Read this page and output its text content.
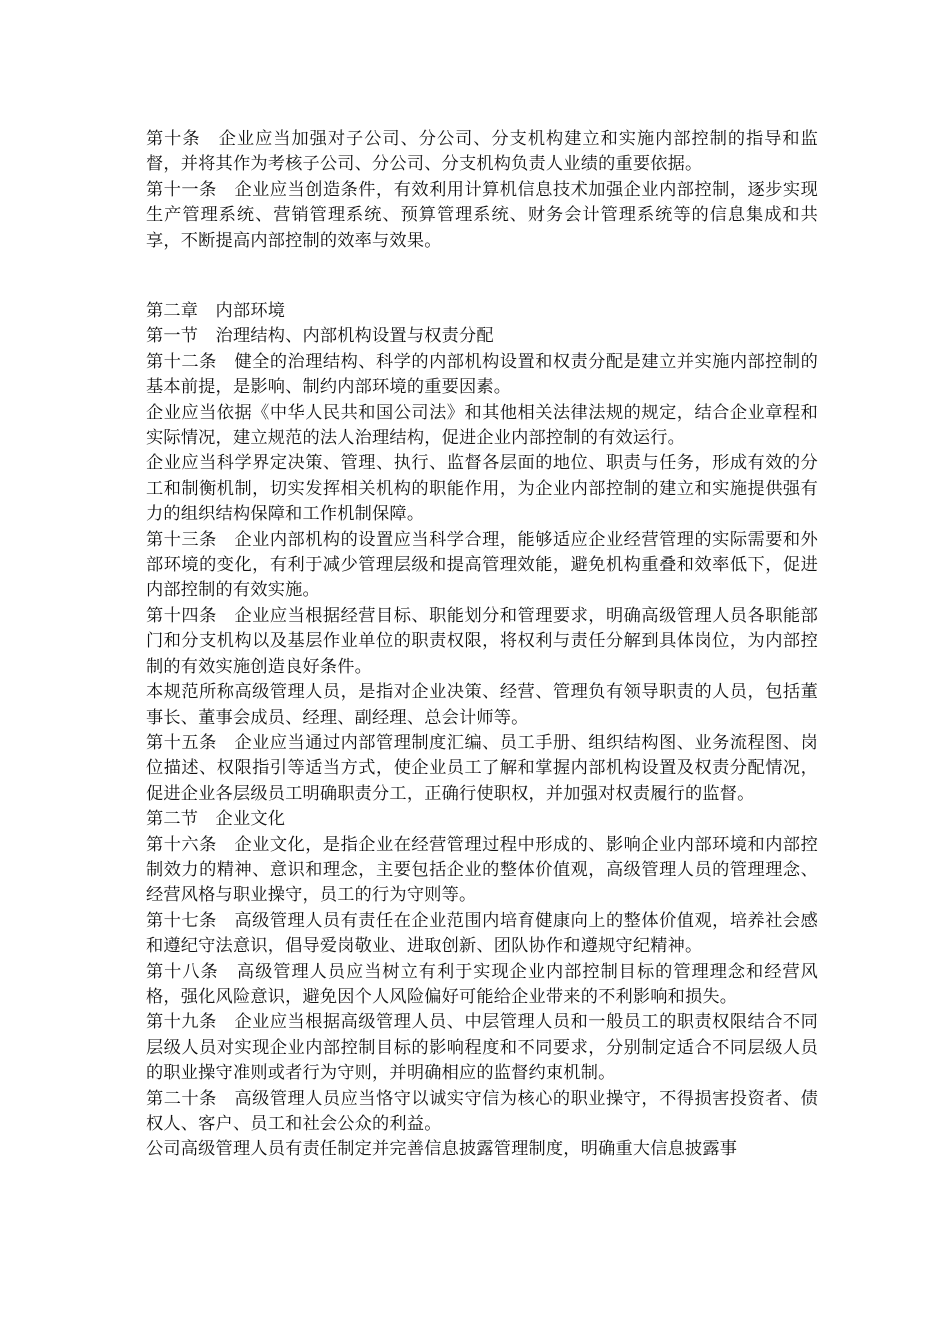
第十条　企业应当加强对子公司、分公司、分支机构建立和实施内部控制的指导和监督，并将其作为考核子公司、分公司、分支机构负责人业绩的重要依据。

第十一条　企业应当创造条件，有效利用计算机信息技术加强企业内部控制，逐步实现生产管理系统、营销管理系统、预算管理系统、财务会计管理系统等的信息集成和共享，不断提高内部控制的效率与效果。

第二章　内部环境

第一节　治理结构、内部机构设置与权责分配

第十二条　健全的治理结构、科学的内部机构设置和权责分配是建立并实施内部控制的基本前提，是影响、制约内部环境的重要因素。

企业应当依据《中华人民共和国公司法》和其他相关法律法规的规定，结合企业章程和实际情况，建立规范的法人治理结构，促进企业内部控制的有效运行。

企业应当科学界定决策、管理、执行、监督各层面的地位、职责与任务，形成有效的分工和制衡机制，切实发挥相关机构的职能作用，为企业内部控制的建立和实施提供强有力的组织结构保障和工作机制保障。

第十三条　企业内部机构的设置应当科学合理，能够适应企业经营管理的实际需要和外部环境的变化，有利于减少管理层级和提高管理效能，避免机构重叠和效率低下，促进内部控制的有效实施。

第十四条　企业应当根据经营目标、职能划分和管理要求，明确高级管理人员各职能部门和分支机构以及基层作业单位的职责权限，将权利与责任分解到具体岗位，为内部控制的有效实施创造良好条件。

本规范所称高级管理人员，是指对企业决策、经营、管理负有领导职责的人员，包括董事长、董事会成员、经理、副经理、总会计师等。

第十五条　企业应当通过内部管理制度汇编、员工手册、组织结构图、业务流程图、岗位描述、权限指引等适当方式，使企业员工了解和掌握内部机构设置及权责分配情况，促进企业各层级员工明确职责分工，正确行使职权，并加强对权责履行的监督。

第二节　企业文化

第十六条　企业文化，是指企业在经营管理过程中形成的、影响企业内部环境和内部控制效力的精神、意识和理念，主要包括企业的整体价值观，高级管理人员的管理理念、经营风格与职业操守，员工的行为守则等。

第十七条　高级管理人员有责任在企业范围内培育健康向上的整体价值观，培养社会感和遵纪守法意识，倡导爱岗敬业、进取创新、团队协作和遵规守纪精神。

第十八条　高级管理人员应当树立有利于实现企业内部控制目标的管理理念和经营风格，强化风险意识，避免因个人风险偏好可能给企业带来的不利影响和损失。

第十九条　企业应当根据高级管理人员、中层管理人员和一般员工的职责权限结合不同层级人员对实现企业内部控制目标的影响程度和不同要求，分别制定适合不同层级人员的职业操守准则或者行为守则，并明确相应的监督约束机制。

第二十条　高级管理人员应当恪守以诚实守信为核心的职业操守，不得损害投资者、债权人、客户、员工和社会公众的利益。

公司高级管理人员有责任制定并完善信息披露管理制度，明确重大信息披露事
